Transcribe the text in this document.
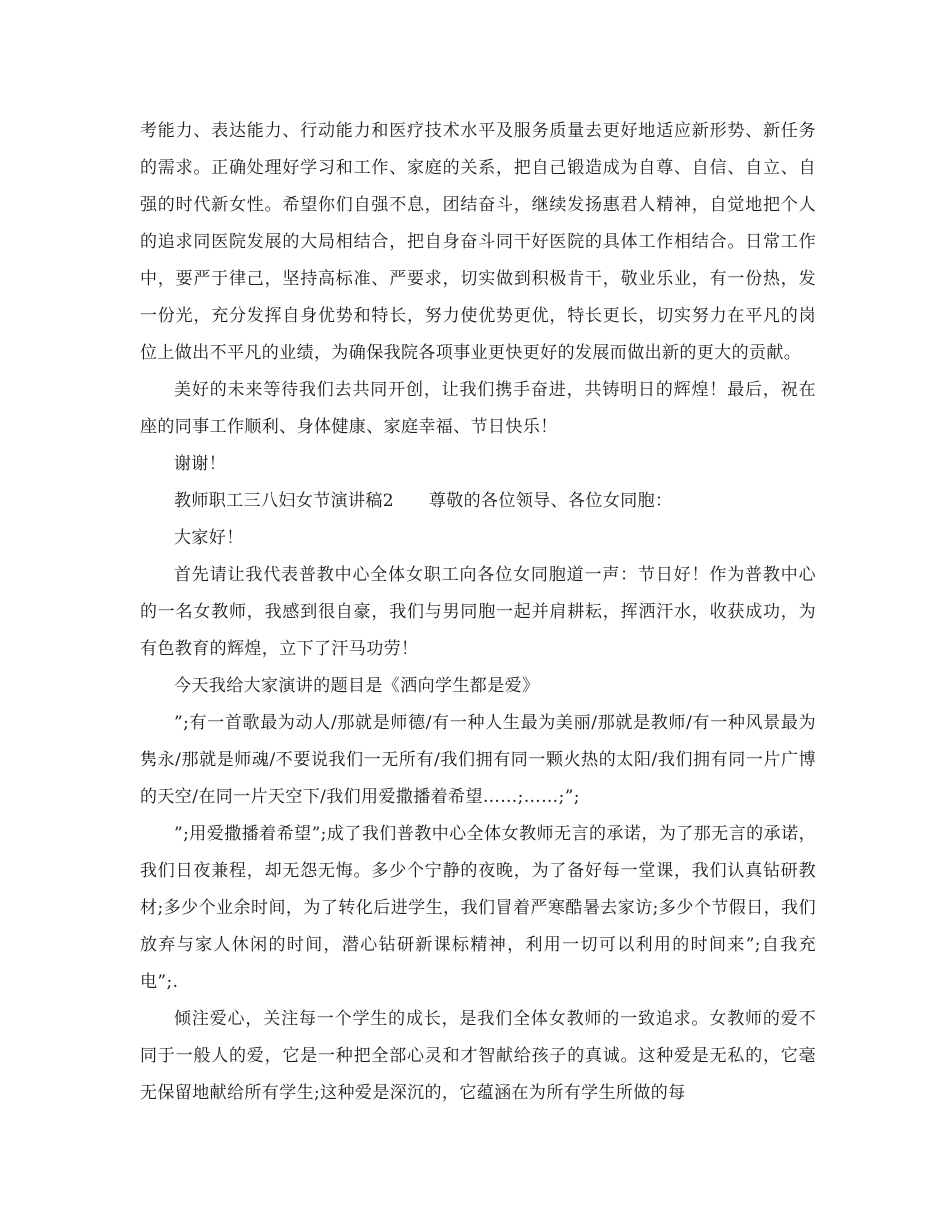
考能力、表达能力、行动能力和医疗技术水平及服务质量去更好地适应新形势、新任务的需求。正确处理好学习和工作、家庭的关系，把自己锻造成为自尊、自信、自立、自强的时代新女性。希望你们自强不息，团结奋斗，继续发扬惠君人精神，自觉地把个人的追求同医院发展的大局相结合，把自身奋斗同干好医院的具体工作相结合。日常工作中，要严于律己，坚持高标准、严要求，切实做到积极肯干，敬业乐业，有一份热，发一份光，充分发挥自身优势和特长，努力使优势更优，特长更长，切实努力在平凡的岗位上做出不平凡的业绩，为确保我院各项事业更快更好的发展而做出新的更大的贡献。

美好的未来等待我们去共同开创，让我们携手奋进，共铸明日的辉煌！最后，祝在座的同事工作顺利、身体健康、家庭幸福、节日快乐！

谢谢！

教师职工三八妇女节演讲稿2　　尊敬的各位领导、各位女同胞：

大家好！

首先请让我代表普教中心全体女职工向各位女同胞道一声：节日好！作为普教中心的一名女教师，我感到很自豪，我们与男同胞一起并肩耕耘，挥洒汗水，收获成功，为有色教育的辉煌，立下了汗马功劳！

今天我给大家演讲的题目是《洒向学生都是爱》

”;有一首歌最为动人/那就是师德/有一种人生最为美丽/那就是教师/有一种风景最为隽永/那就是师魂/不要说我们一无所有/我们拥有同一颗火热的太阳/我们拥有同一片广博的天空/在同一片天空下/我们用爱撒播着希望……;……;”;

”;用爱撒播着希望”;成了我们普教中心全体女教师无言的承诺，为了那无言的承诺，我们日夜兼程，却无怨无悔。多少个宁静的夜晚，为了备好每一堂课，我们认真钻研教材;多少个业余时间，为了转化后进学生，我们冒着严寒酷暑去家访;多少个节假日，我们放弃与家人休闲的时间，潜心钻研新课标精神，利用一切可以利用的时间来”;自我充电”;.

倾注爱心，关注每一个学生的成长，是我们全体女教师的一致追求。女教师的爱不同于一般人的爱，它是一种把全部心灵和才智献给孩子的真诚。这种爱是无私的，它毫无保留地献给所有学生;这种爱是深沉的，它蕴涵在为所有学生所做的每
